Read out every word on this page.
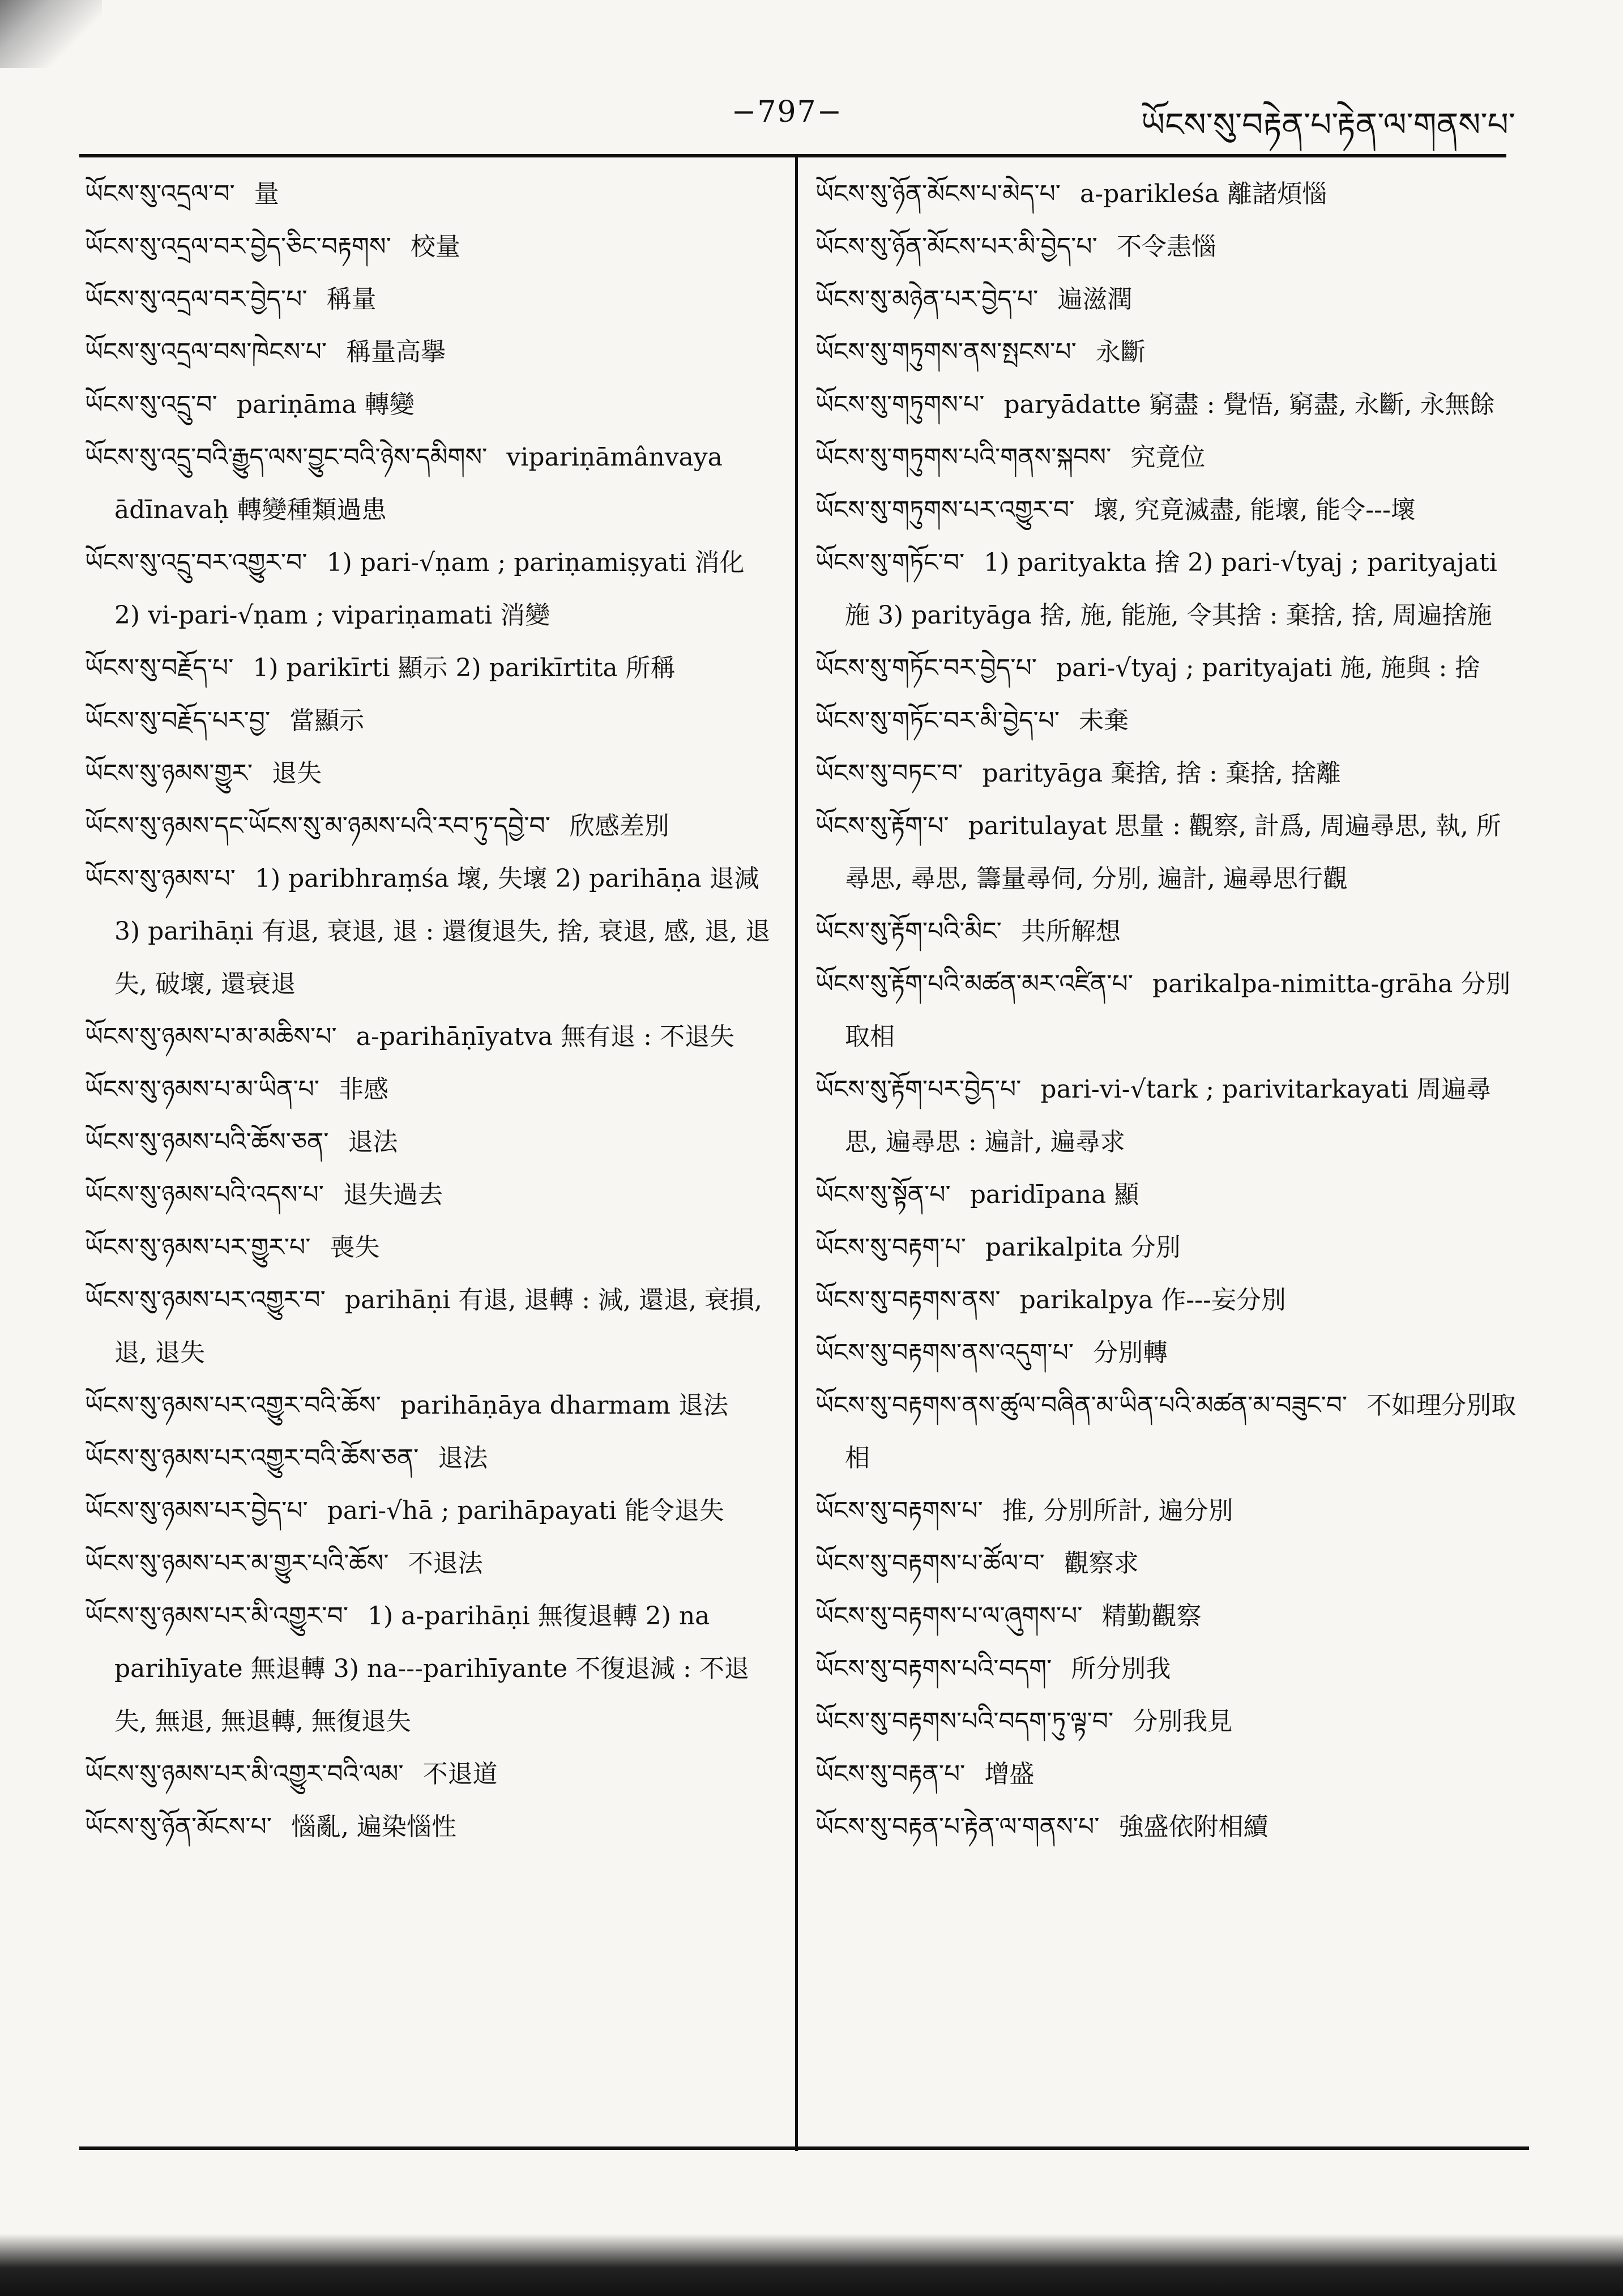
−797−	ཡོངས་སུ་བརྟེན་པ་རྟེན་ལ་གནས་པ་

ཡོངས་སུ་འདྲལ་བ་ 量

ཡོངས་སུ་འདྲལ་བར་བྱེད་ཅིང་བརྟགས་ 校量

ཡོངས་སུ་འདྲལ་བར་བྱེད་པ་ 稱量

ཡོངས་སུ་འདྲལ་བས་ཁེངས་པ་ 稱量高擧

ཡོངས་སུ་འདྲུ་བ་ pariṇāma 轉變

ཡོངས་སུ་འདྲུ་བའི་རྒྱུད་ལས་བྱུང་བའི་ཉེས་དམིགས་ vipariṇāmânvaya ādīnavaḥ 轉變種類過患

ཡོངས་སུ་འདྲུ་བར་འགྱུར་བ་ 1) pari-√ṇam ; pariṇamiṣyati 消化 2) vi-pari-√ṇam ; vipariṇamati 消變

ཡོངས་སུ་བརྗོད་པ་ 1) parikīrti 顯示 2) parikīrtita 所稱

ཡོངས་སུ་བརྗོད་པར་བྱ་ 當顯示

ཡོངས་སུ་ཉམས་གྱུར་ 退失

ཡོངས་སུ་ཉམས་དང་ཡོངས་སུ་མ་ཉམས་པའི་རབ་ཏུ་དབྱེ་བ་ 欣感差別

ཡོངས་སུ་ཉམས་པ་ 1) paribhraṃśa 壞, 失壞 2) parihāṇa 退減 3) parihāṇi 有退, 衰退, 退 : 還復退失, 捨, 衰退, 感, 退, 退失, 破壞, 還衰退

ཡོངས་སུ་ཉམས་པ་མ་མཆིས་པ་ a-parihāṇīyatva 無有退 : 不退失

ཡོངས་སུ་ཉམས་པ་མ་ཡིན་པ་ 非感

ཡོངས་སུ་ཉམས་པའི་ཆོས་ཅན་ 退法

ཡོངས་སུ་ཉམས་པའི་འདས་པ་ 退失過去

ཡོངས་སུ་ཉམས་པར་གྱུར་པ་ 喪失

ཡོངས་སུ་ཉམས་པར་འགྱུར་བ་ parihāṇi 有退, 退轉 : 減, 還退, 衰損, 退, 退失

ཡོངས་སུ་ཉམས་པར་འགྱུར་བའི་ཆོས་ parihāṇāya dharmam 退法

ཡོངས་སུ་ཉམས་པར་འགྱུར་བའི་ཆོས་ཅན་ 退法

ཡོངས་སུ་ཉམས་པར་བྱེད་པ་ pari-√hā ; parihāpayati 能令退失

ཡོངས་སུ་ཉམས་པར་མ་གྱུར་པའི་ཆོས་ 不退法

ཡོངས་སུ་ཉམས་པར་མི་འགྱུར་བ་ 1) a-parihāṇi 無復退轉 2) na parihīyate 無退轉 3) na---parihīyante 不復退減 : 不退失, 無退, 無退轉, 無復退失

ཡོངས་སུ་ཉམས་པར་མི་འགྱུར་བའི་ལམ་ 不退道

ཡོངས་སུ་ཉོན་མོངས་པ་ 惱亂, 遍染惱性

ཡོངས་སུ་ཉོན་མོངས་པ་མེད་པ་ a-parikleśa 離諸煩惱

ཡོངས་སུ་ཉོན་མོངས་པར་མི་བྱེད་པ་ 不令恚惱

ཡོངས་སུ་མཉེན་པར་བྱེད་པ་ 遍滋潤

ཡོངས་སུ་གཏུགས་ནས་སྤངས་པ་ 永斷

ཡོངས་སུ་གཏུགས་པ་ paryādatte 窮盡 : 覺悟, 窮盡, 永斷, 永無餘

ཡོངས་སུ་གཏུགས་པའི་གནས་སྐབས་ 究竟位

ཡོངས་སུ་གཏུགས་པར་འགྱུར་བ་ 壞, 究竟滅盡, 能壞, 能令---壞

ཡོངས་སུ་གཏོང་བ་ 1) parityakta 捨 2) pari-√tyaj ; parityajati 施 3) parityāga 捨, 施, 能施, 令其捨 : 棄捨, 捨, 周遍捨施

ཡོངས་སུ་གཏོང་བར་བྱེད་པ་ pari-√tyaj ; parityajati 施, 施與 : 捨

ཡོངས་སུ་གཏོང་བར་མི་བྱེད་པ་ 未棄

ཡོངས་སུ་བཏང་བ་ parityāga 棄捨, 捨 : 棄捨, 捨離

ཡོངས་སུ་རྟོག་པ་ paritulayat 思量 : 觀察, 計爲, 周遍尋思, 執, 所尋思, 尋思, 籌量尋伺, 分別, 遍計, 遍尋思行觀

ཡོངས་སུ་རྟོག་པའི་མིང་ 共所解想

ཡོངས་སུ་རྟོག་པའི་མཚན་མར་འཛིན་པ་ parikalpa-nimitta-grāha 分別取相

ཡོངས་སུ་རྟོག་པར་བྱེད་པ་ pari-vi-√tark ; parivitarkayati 周遍尋思, 遍尋思 : 遍計, 遍尋求

ཡོངས་སུ་སྟོན་པ་ paridīpana 顯

ཡོངས་སུ་བརྟག་པ་ parikalpita 分別

ཡོངས་སུ་བརྟགས་ནས་ parikalpya 作---妄分別

ཡོངས་སུ་བརྟགས་ནས་འདུག་པ་ 分別轉

ཡོངས་སུ་བརྟགས་ནས་ཚུལ་བཞིན་མ་ཡིན་པའི་མཚན་མ་བཟུང་བ་ 不如理分別取相

ཡོངས་སུ་བརྟགས་པ་ 推, 分別所計, 遍分別

ཡོངས་སུ་བརྟགས་པ་ཚོལ་བ་ 觀察求

ཡོངས་སུ་བརྟགས་པ་ལ་ཞུགས་པ་ 精勤觀察

ཡོངས་སུ་བརྟགས་པའི་བདག་ 所分別我

ཡོངས་སུ་བརྟགས་པའི་བདག་ཏུ་ལྟ་བ་ 分別我見

ཡོངས་སུ་བརྟན་པ་ 增盛

ཡོངས་སུ་བརྟན་པ་རྟེན་ལ་གནས་པ་ 強盛依附相續
